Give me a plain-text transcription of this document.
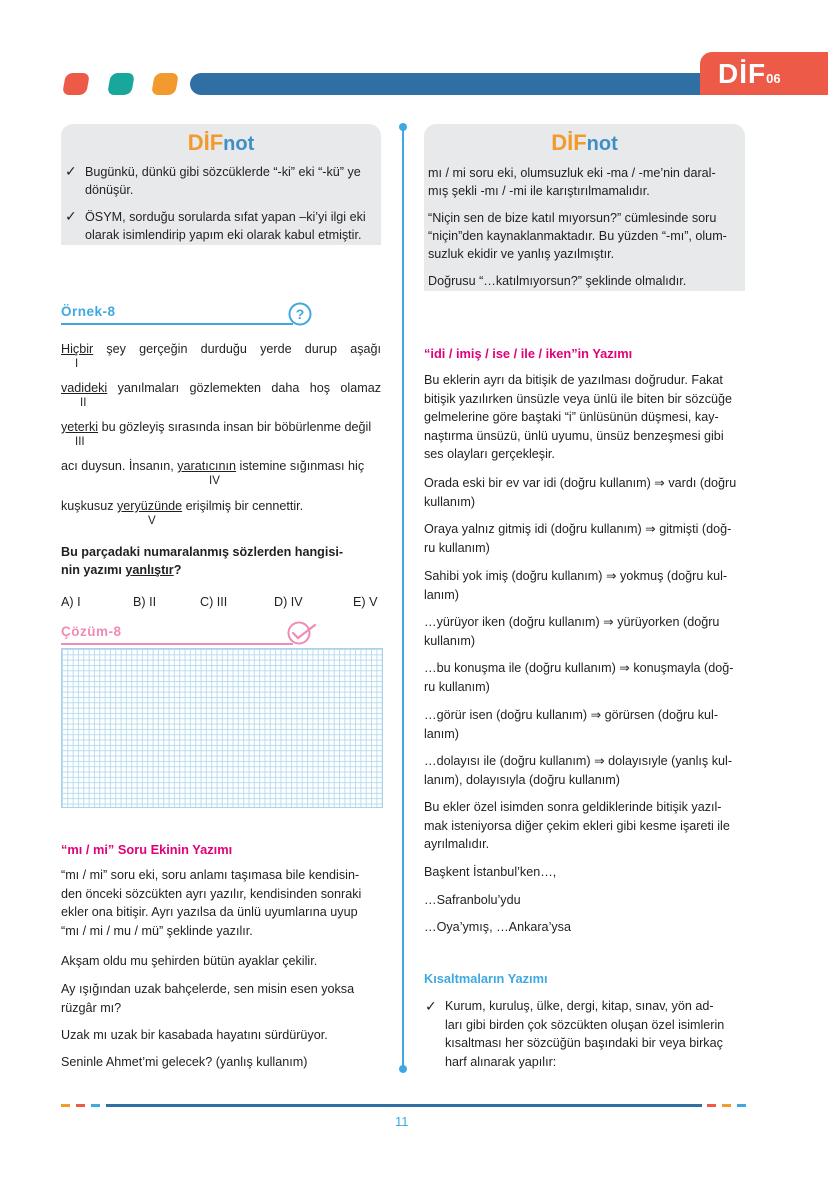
DİF06
DİFnot
✓ Bugünkü, dünkü gibi sözcüklerde “-ki” eki “-kü” ye
dönüşür.
✓ ÖSYM, sorduğu sorularda sıfat yapan –ki’yi ilgi eki
olarak isimlendirip yapım eki olarak kabul etmiştir.
DİFnot
mı / mi soru eki, olumsuzluk eki -ma / -me’nin daral-
mış şekli -mı / -mi ile karıştırılmamalıdır.
“Niçin sen de bize katıl mıyorsun?” cümlesinde soru
“niçin”den kaynaklanmaktadır. Bu yüzden “-mı”, olum-
suzluk ekidir ve yanlış yazılmıştır.
Doğrusu “…katılmıyorsun?” şeklinde olmalıdır.
Örnek-8	?
Hiçbir şey gerçeğin durduğu yerde durup aşağı
I
vadideki yanılmaları gözlemekten daha hoş olamaz
II
yeterki bu gözleyiş sırasında insan bir böbürlenme değil
III
acı duysun. İnsanın, yaratıcının istemine sığınması hiç
IV
kuşkusuz yeryüzünde erişilmiş bir cennettir.
V
Bu parçadaki numaralanmış sözlerden hangisi-
nin yazımı yanlıştır?
A) I	B) II	C) III	D) IV	E) V
Çözüm-8
“mı / mi” Soru Ekinin Yazımı
“mı / mi” soru eki, soru anlamı taşımasa bile kendisin-
den önceki sözcükten ayrı yazılır, kendisinden sonraki
ekler ona bitişir. Ayrı yazılsa da ünlü uyumlarına uyup
“mı / mi / mu / mü” şeklinde yazılır.
Akşam oldu mu şehirden bütün ayaklar çekilir.
Ay ışığından uzak bahçelerde, sen misin esen yoksa
rüzgâr mı?
Uzak mı uzak bir kasabada hayatını sürdürüyor.
Seninle Ahmet’mi gelecek? (yanlış kullanım)
“idi / imiş / ise / ile / iken”in Yazımı
Bu eklerin ayrı da bitişik de yazılması doğrudur. Fakat
bitişik yazılırken ünsüzle veya ünlü ile biten bir sözcüğe
gelmelerine göre baştaki “i” ünlüsünün düşmesi, kay-
naştırma ünsüzü, ünlü uyumu, ünsüz benzeşmesi gibi
ses olayları gerçekleşir.
Orada eski bir ev var idi (doğru kullanım) ⇒ vardı (doğru
kullanım)
Oraya yalnız gitmiş idi (doğru kullanım) ⇒ gitmişti (doğ-
ru kullanım)
Sahibi yok imiş (doğru kullanım) ⇒ yokmuş (doğru kul-
lanım)
…yürüyor iken (doğru kullanım) ⇒ yürüyorken (doğru
kullanım)
…bu konuşma ile (doğru kullanım) ⇒ konuşmayla (doğ-
ru kullanım)
…görür isen (doğru kullanım) ⇒ görürsen (doğru kul-
lanım)
…dolayısı ile (doğru kullanım) ⇒ dolayısıyle (yanlış kul-
lanım), dolayısıyla (doğru kullanım)
Bu ekler özel isimden sonra geldiklerinde bitişik yazıl-
mak isteniyorsa diğer çekim ekleri gibi kesme işareti ile
ayrılmalıdır.
Başkent İstanbul’ken…,
…Safranbolu’ydu
…Oya’ymış, …Ankara’ysa
Kısaltmaların Yazımı
✓ Kurum, kuruluş, ülke, dergi, kitap, sınav, yön ad-
ları gibi birden çok sözcükten oluşan özel isimlerin
kısaltması her sözcüğün başındaki bir veya birkaç
harf alınarak yapılır:
11
